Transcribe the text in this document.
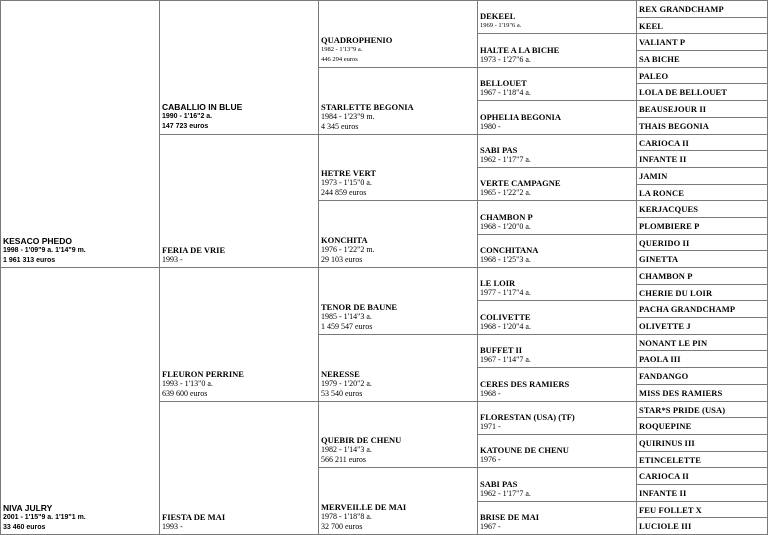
KESACO PHEDO
1998 - 1'09"9 a. 1'14"9 m.
1 961 313 euros
NIVA JULRY
2001 - 1'15"9 a. 1'19"1 m.
33 460 euros
CABALLIO IN BLUE
1990 - 1'16"2 a.
147 723 euros
FERIA DE VRIE
1993 -
FLEURON PERRINE
1993 - 1'13"0 a.
639 600 euros
FIESTA DE MAI
1993 -
QUADROPHENIO
1982 - 1'13"9 a.
446 294 euros
STARLETTE BEGONIA
1984 - 1'23"9 m.
4 345 euros
HETRE VERT
1973 - 1'15"0 a.
244 859 euros
KONCHITA
1976 - 1'22"2 m.
29 103 euros
TENOR DE BAUNE
1985 - 1'14"3 a.
1 459 547 euros
NERESSE
1979 - 1'20"2 a.
53 540 euros
QUEBIR DE CHENU
1982 - 1'14"3 a.
566 211 euros
MERVEILLE DE MAI
1978 - 1'18"8 a.
32 700 euros
DEKEEL
1969 - 1'19"6 a.
HALTE A LA BICHE
1973 - 1'27"6 a.
BELLOUET
1967 - 1'18"4 a.
OPHELIA BEGONIA
1980 -
SABI PAS
1962 - 1'17"7 a.
VERTE CAMPAGNE
1965 - 1'22"2 a.
CHAMBON P
1968 - 1'20"0 a.
CONCHITANA
1968 - 1'25"3 a.
LE LOIR
1977 - 1'17"4 a.
COLIVETTE
1968 - 1'20"4 a.
BUFFET II
1967 - 1'14"7 a.
CERES DES RAMIERS
1968 -
FLORESTAN (USA) (TF)
1971 -
KATOUNE DE CHENU
1976 -
SABI PAS
1962 - 1'17"7 a.
BRISE DE MAI
1967 -
REX GRANDCHAMP
KEEL
VALIANT P
SA BICHE
PALEO
LOLA DE BELLOUET
BEAUSEJOUR II
THAIS BEGONIA
CARIOCA II
INFANTE II
JAMIN
LA RONCE
KERJACQUES
PLOMBIERE P
QUERIDO II
GINETTA
CHAMBON P
CHERIE DU LOIR
PACHA GRANDCHAMP
OLIVETTE J
NONANT LE PIN
PAOLA III
FANDANGO
MISS DES RAMIERS
STAR*S PRIDE (USA)
ROQUEPINE
QUIRINUS III
ETINCELETTE
CARIOCA II
INFANTE II
FEU FOLLET X
LUCIOLE III
